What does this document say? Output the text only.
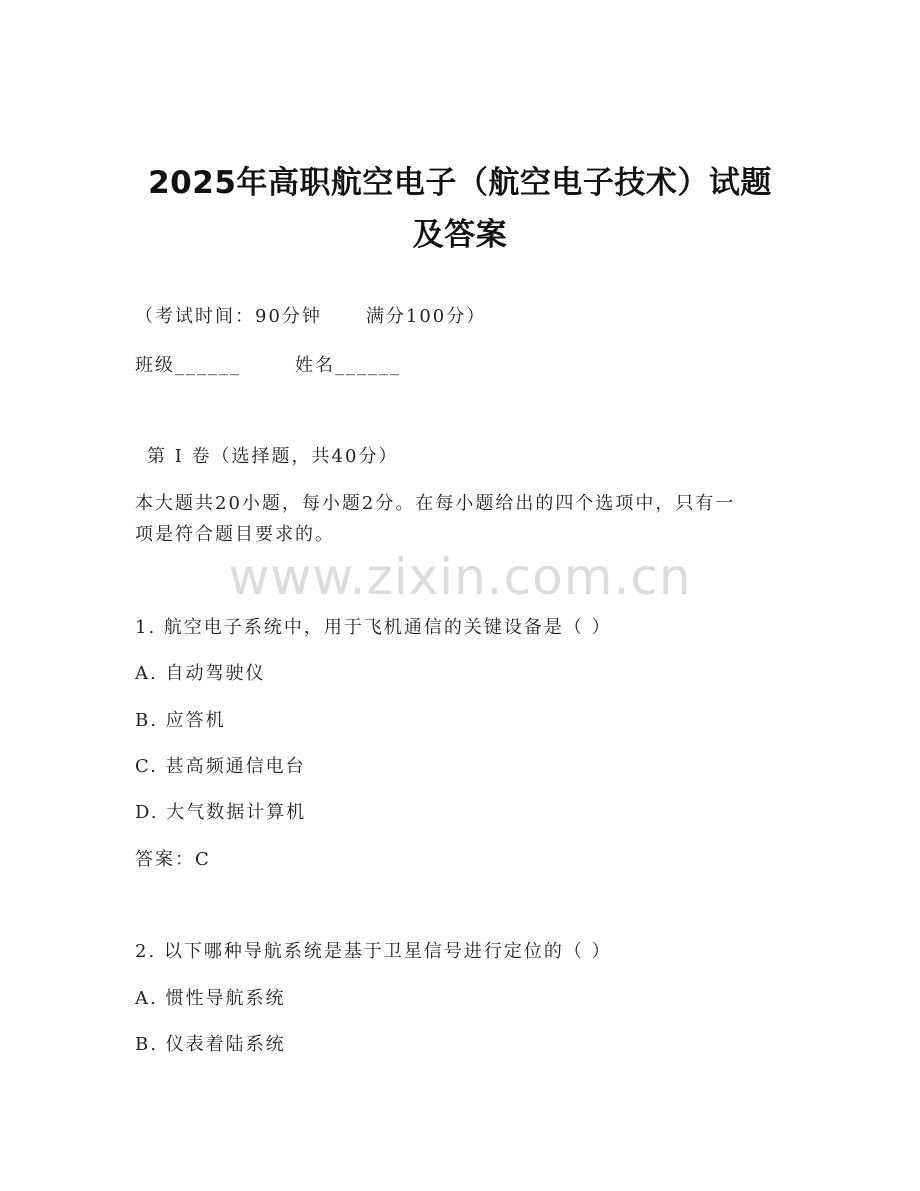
2025年高职航空电子（航空电子技术）试题
及答案
（考试时间：90分钟 满分100分）
班级______	姓名______
第 I 卷（选择题，共40分）
本大题共20小题，每小题2分。在每小题给出的四个选项中，只有一
项是符合题目要求的。
www.zixin.com.cn
1. 航空电子系统中，用于飞机通信的关键设备是（ ）
A. 自动驾驶仪
B. 应答机
C. 甚高频通信电台
D. 大气数据计算机
答案：C
2. 以下哪种导航系统是基于卫星信号进行定位的（ ）
A. 惯性导航系统
B. 仪表着陆系统
